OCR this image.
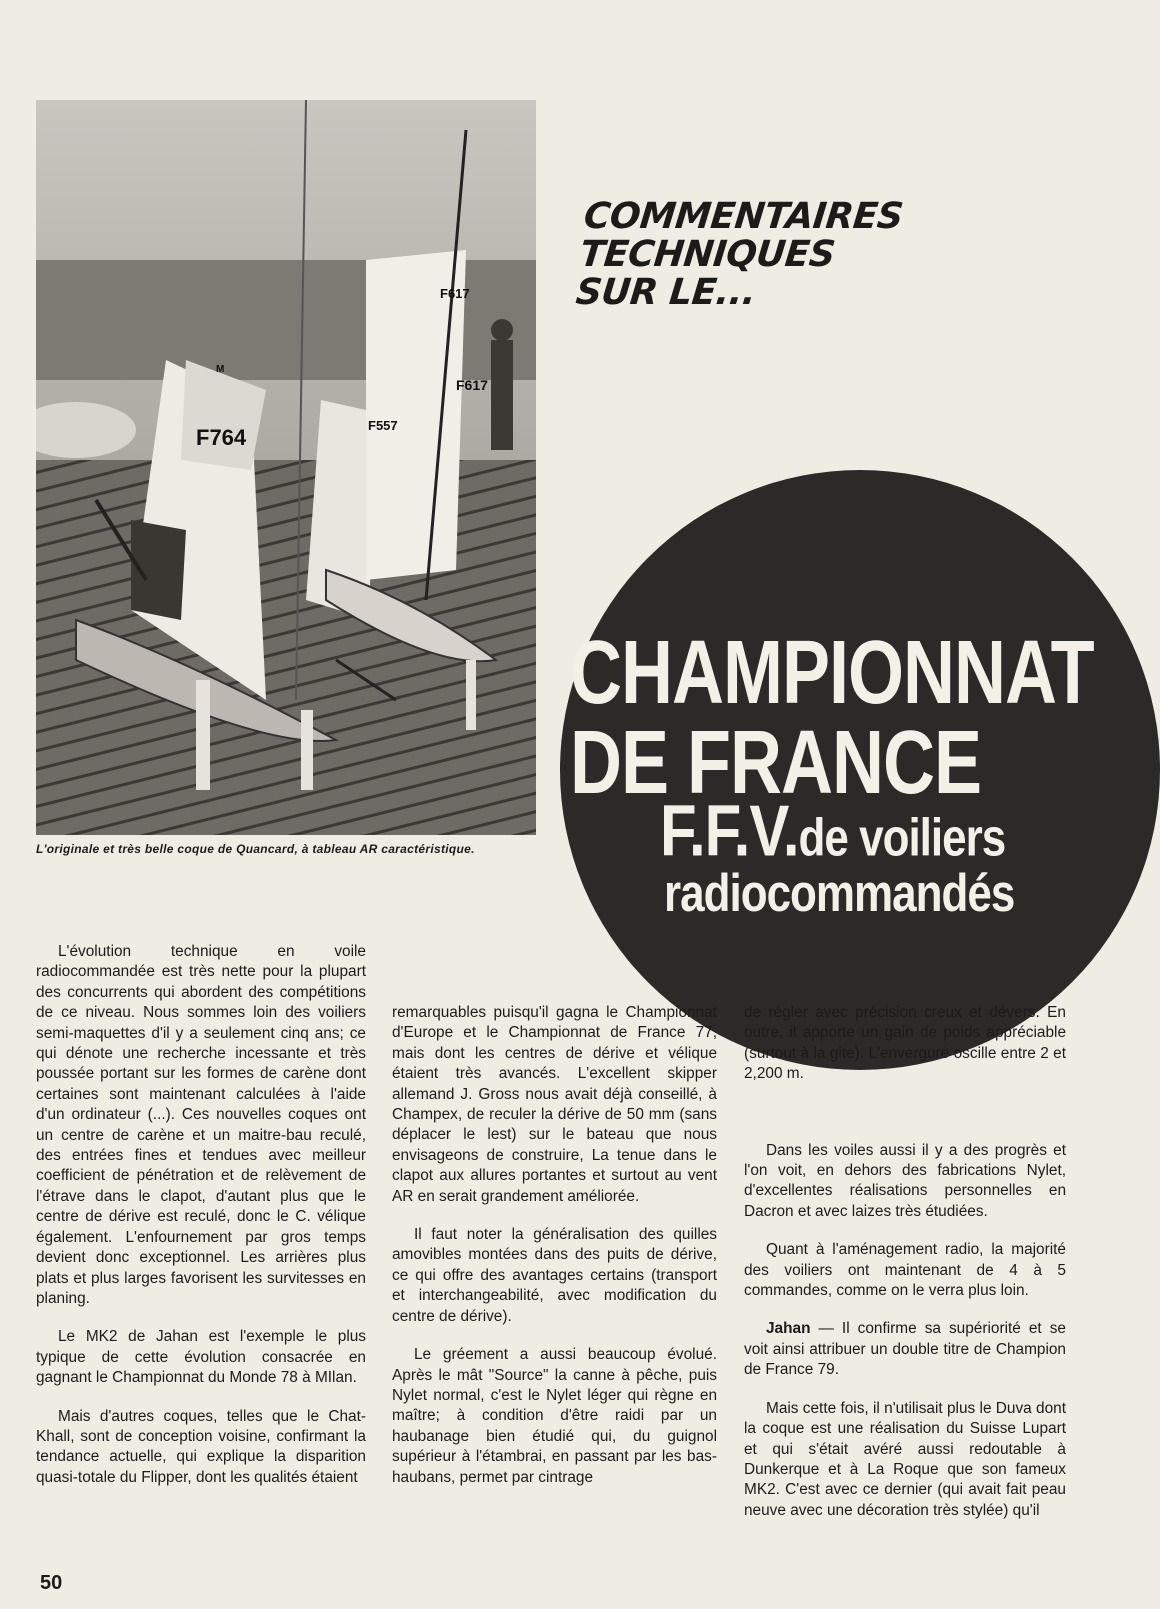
F764
F617
F557
F617
M
L'originale et très belle coque de Quancard, à tableau AR caractéristique.
COMMENTAIRES
TECHNIQUES
SUR LE...
CHAMPIONNAT
DE FRANCE
F.F.V.de voiliers
radiocommandés

L'évolution technique en voile radiocommandée est très nette pour la plupart des concurrents qui abordent des compétitions de ce niveau. Nous sommes loin des voiliers semi-maquettes d'il y a seulement cinq ans; ce qui dénote une recherche incessante et très poussée portant sur les formes de carène dont certaines sont maintenant calculées à l'aide d'un ordinateur (...). Ces nouvelles coques ont un centre de carène et un maitre-bau reculé, des entrées fines et tendues avec meilleur coefficient de pénétration et de relèvement de l'étrave dans le clapot, d'autant plus que le centre de dérive est reculé, donc le C. vélique également. L'enfournement par gros temps devient donc exceptionnel. Les arrières plus plats et plus larges favorisent les survitesses en planing.

Le MK2 de Jahan est l'exemple le plus typique de cette évolution consacrée en gagnant le Championnat du Monde 78 à MIlan.

Mais d'autres coques, telles que le Chat-Khall, sont de conception voisine, confirmant la tendance actuelle, qui explique la disparition quasi-totale du Flipper, dont les qualités étaient

remarquables puisqu'il gagna le Championnat d'Europe et le Championnat de France 77, mais dont les centres de dérive et vélique étaient très avancés. L'excellent skipper allemand J. Gross nous avait déjà conseillé, à Champex, de reculer la dérive de 50 mm (sans déplacer le lest) sur le bateau que nous envisageons de construire, La tenue dans le clapot aux allures portantes et surtout au vent AR en serait grandement améliorée.

Il faut noter la généralisation des quilles amovibles montées dans des puits de dérive, ce qui offre des avantages certains (transport et interchangeabilité, avec modification du centre de dérive).

Le gréement a aussi beaucoup évolué. Après le mât "Source" la canne à pêche, puis Nylet normal, c'est le Nylet léger qui règne en maître; à condition d'être raidi par un haubanage bien étudié qui, du guignol supérieur à l'étambrai, en passant par les bas-haubans, permet par cintrage

de régler avec précision creux et dévers. En outre, il apporte un gain de poids appréciable (surtout à la gite). L'envergure oscille entre 2 et 2,200 m.

Dans les voiles aussi il y a des progrès et l'on voit, en dehors des fabrications Nylet, d'excellentes réalisations personnelles en Dacron et avec laizes très étudiées.

Quant à l'aménagement radio, la majorité des voiliers ont maintenant de 4 à 5 commandes, comme on le verra plus loin.

Jahan — Il confirme sa supériorité et se voit ainsi attribuer un double titre de Champion de France 79.

Mais cette fois, il n'utilisait plus le Duva dont la coque est une réalisation du Suisse Lupart et qui s'était avéré aussi redoutable à Dunkerque et à La Roque que son fameux MK2. C'est avec ce dernier (qui avait fait peau neuve avec une décoration très stylée) qu'il

50
